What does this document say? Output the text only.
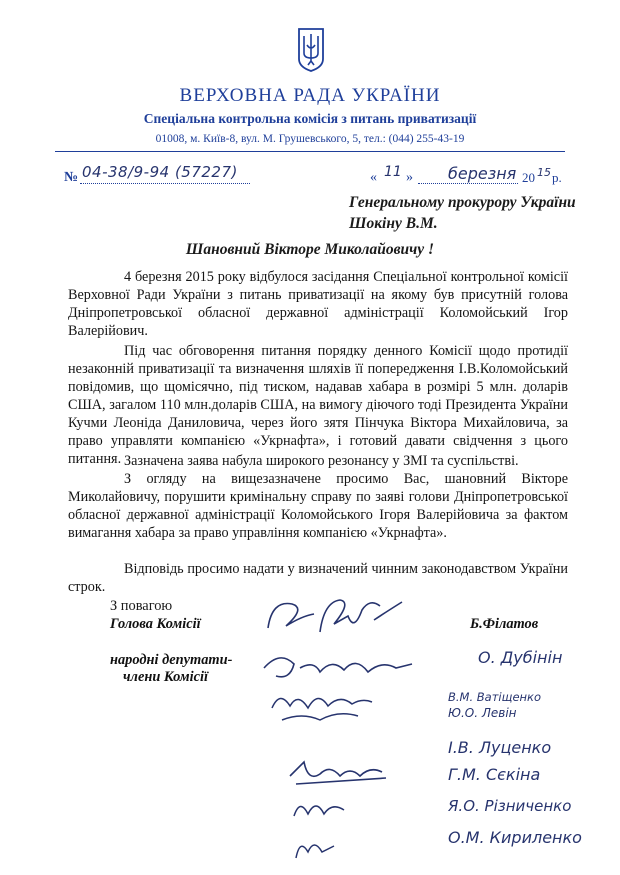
ВЕРХОВНА РАДА УКРАЇНИ
Спеціальна контрольна комісія з питань приватизації
01008, м. Київ-8, вул. М. Грушевського, 5, тел.: (044) 255-43-19
№ 04-38/9-94 (57227)	« 11 » березня 20 15 р.
Генеральному прокурору України
Шокіну В.М.
Шановний Вікторе Миколайовичу !
4 березня 2015 року відбулося засідання Спеціальної контрольної комісії Верховної Ради України з питань приватизації на якому був присутній голова Дніпропетровської обласної державної адміністрації Коломойський Ігор Валерійович.
Під час обговорення питання порядку денного Комісії щодо протидії незаконній приватизації та визначення шляхів її попередження І.В.Коломойський повідомив, що щомісячно, під тиском, надавав хабара в розмірі 5 млн. доларів США, загалом 110 млн.доларів США, на вимогу діючого тоді Президента України Кучми Леоніда Даниловича, через його зятя Пінчука Віктора Михайловича, за право управляти компанією «Укрнафта», і готовий давати свідчення з цього питання. Зазначена заява набула широкого резонансу у ЗМІ та суспільстві.
З огляду на вищезазначене просимо Вас, шановний Вікторе Миколайовичу, порушити кримінальну справу по заяві голови Дніпропетровської обласної державної адміністрації Коломойського Ігоря Валерійовича за фактом вимагання хабара за право управління компанією «Укрнафта».
Відповідь просимо надати у визначений чинним законодавством України строк.
З повагою
Голова Комісії	Б.Філатов
народні депутати-
члени Комісії
О. Дубінін
В.М. Ватіщенко
Ю.О. Левін
І.В. Луценко
Г.М. Сєкіна
Я.О. Різниченко
О.М. Кириленко
